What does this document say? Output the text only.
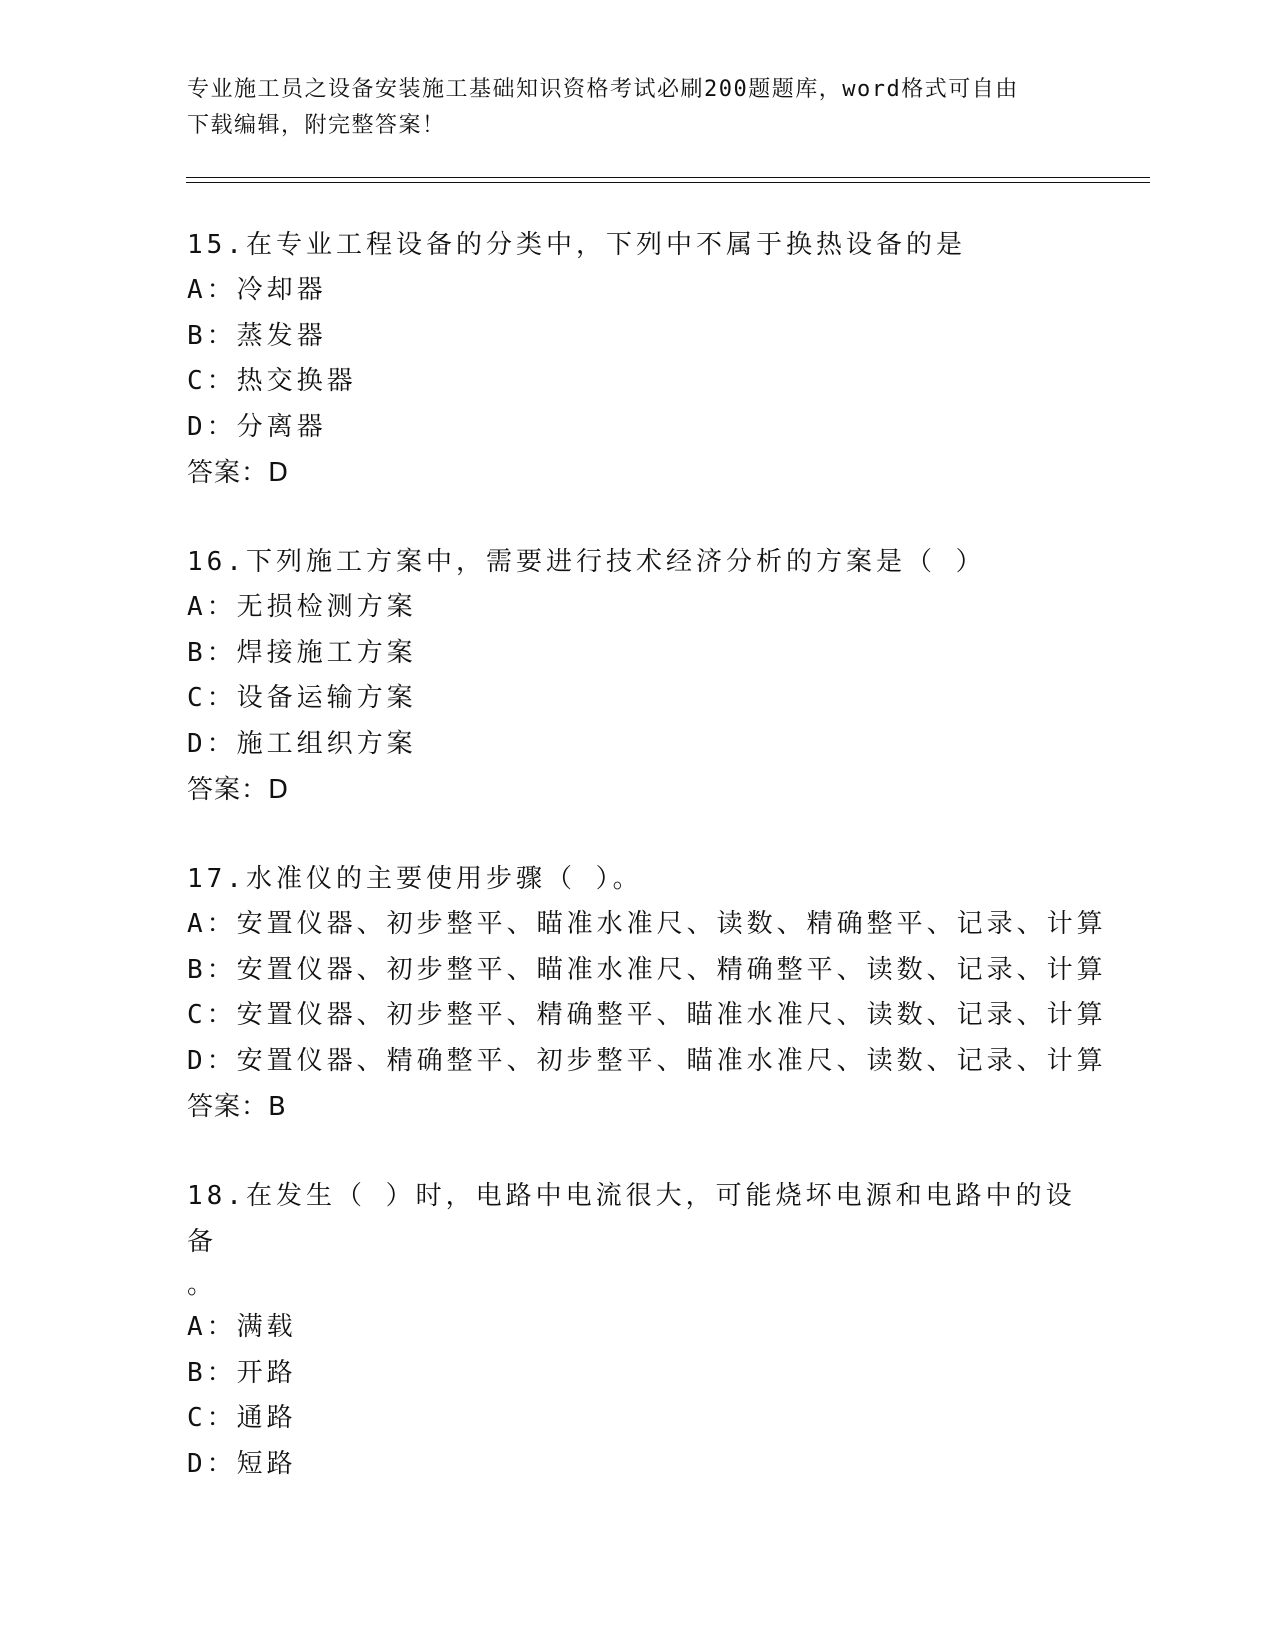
专业施工员之设备安装施工基础知识资格考试必刷200题题库，word格式可自由
下载编辑，附完整答案！

15.在专业工程设备的分类中，下列中不属于换热设备的是

A：冷却器

B：蒸发器

C：热交换器

D：分离器

答案：D

16.下列施工方案中，需要进行技术经济分析的方案是（ ）

A：无损检测方案

B：焊接施工方案

C：设备运输方案

D：施工组织方案

答案：D

17.水准仪的主要使用步骤（ ）。

A：安置仪器、初步整平、瞄准水准尺、读数、精确整平、记录、计算

B：安置仪器、初步整平、瞄准水准尺、精确整平、读数、记录、计算

C：安置仪器、初步整平、精确整平、瞄准水准尺、读数、记录、计算

D：安置仪器、精确整平、初步整平、瞄准水准尺、读数、记录、计算

答案：B

18.在发生（ ）时，电路中电流很大，可能烧坏电源和电路中的设备

。

A：满载

B：开路

C：通路

D：短路
